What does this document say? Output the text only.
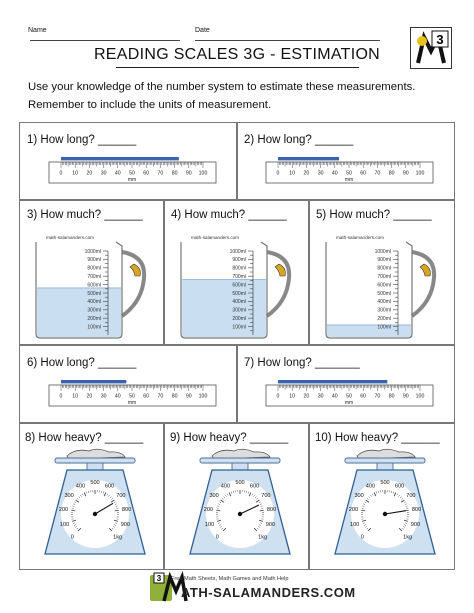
Name	Date
3
READING SCALES 3G - ESTIMATION
Use your knowledge of the number system to estimate these measurements.
Remember to include the units of measurement.
1) How long? ______	2) How long? ______
3) How much? ______ 4) How much? ______	5) How much? ______
6) How long? ______	7) How long? _______
8) How heavy? ______ 9) How heavy? ______ 10) How heavy? ______
0 10 20 30 40 50 60 70 80 90 100
mm
0 10 20 30 40 50 60 70 80 90 100
mm
0 10 20 30 40 50 60 70 80 90 100
mm
0 10 20 30 40 50 60 70 80 90 100
mm
math-salamanders.com
1000ml
900ml
800ml
700ml
600ml
500ml
400ml
300ml
200ml
100ml
math-salamanders.com
1000ml
900ml
800ml
700ml
600ml
500ml
400ml
300ml
200ml
100ml
math-salamanders.com
1000ml
900ml
800ml
700ml
600ml
500ml
400ml
300ml
200ml
100ml
0
100
200
300
400
500
600
700
800
900
1kg	0
100
200
300
400
500
600
700
800
900
1kg	0
100
200
300
400
500
600
700
800
900
1kg
3 Free Math Sheets, Math Games and Math Help
ATH-SALAMANDERS.COM
